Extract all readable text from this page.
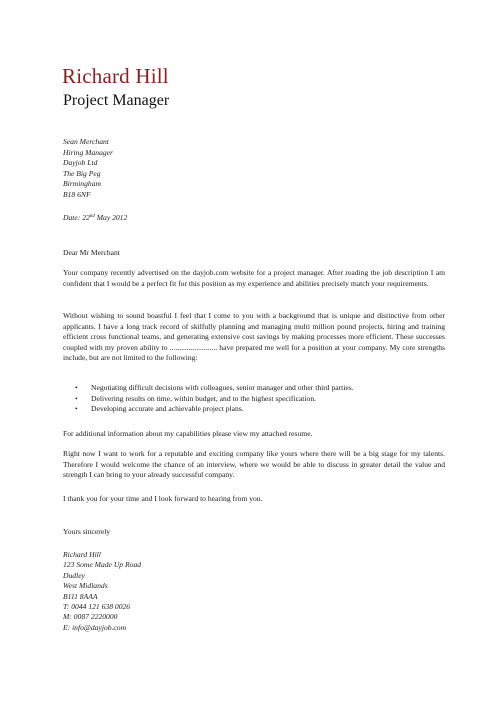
Richard Hill
Project Manager
Sean Merchant
Hiring Manager
Dayjob Ltd
The Big Peg
Birmingham
B18 6NF
Date: 22nd May 2012
Dear Mr Merchant
Your company recently advertised on the dayjob.com website for a project manager. After reading the job description I am confident that I would be a perfect fit for this position as my experience and abilities precisely match your requirements.
Without wishing to sound boastful I feel that I come to you with a background that is unique and distinctive from other applicants. I have a long track record of skilfully planning and managing multi million pound projects, hiring and training efficient cross functional teams, and generating extensive cost savings by making processes more efficient. These successes coupled with my proven ability to ......................... have prepared me well for a position at your company. My core strengths include, but are not limited to the following:
• Negotiating difficult decisions with colleagues, senior manager and other third parties.
• Delivering results on time, within budget, and to the highest specification.
• Developing accurate and achievable project plans.
For additional information about my capabilities please view my attached resume.
Right now I want to work for a reputable and exciting company like yours where there will be a big stage for my talents. Therefore I would welcome the chance of an interview, where we would be able to discuss in greater detail the value and strength I can bring to your already successful company.
I thank you for your time and I look forward to hearing from you.
Yours sincerely
Richard Hill
123 Some Made Up Road
Dudley
West Midlands
B111 8AAA
T: 0044 121 638 0026
M: 0087 2220000
E: info@dayjob.com
